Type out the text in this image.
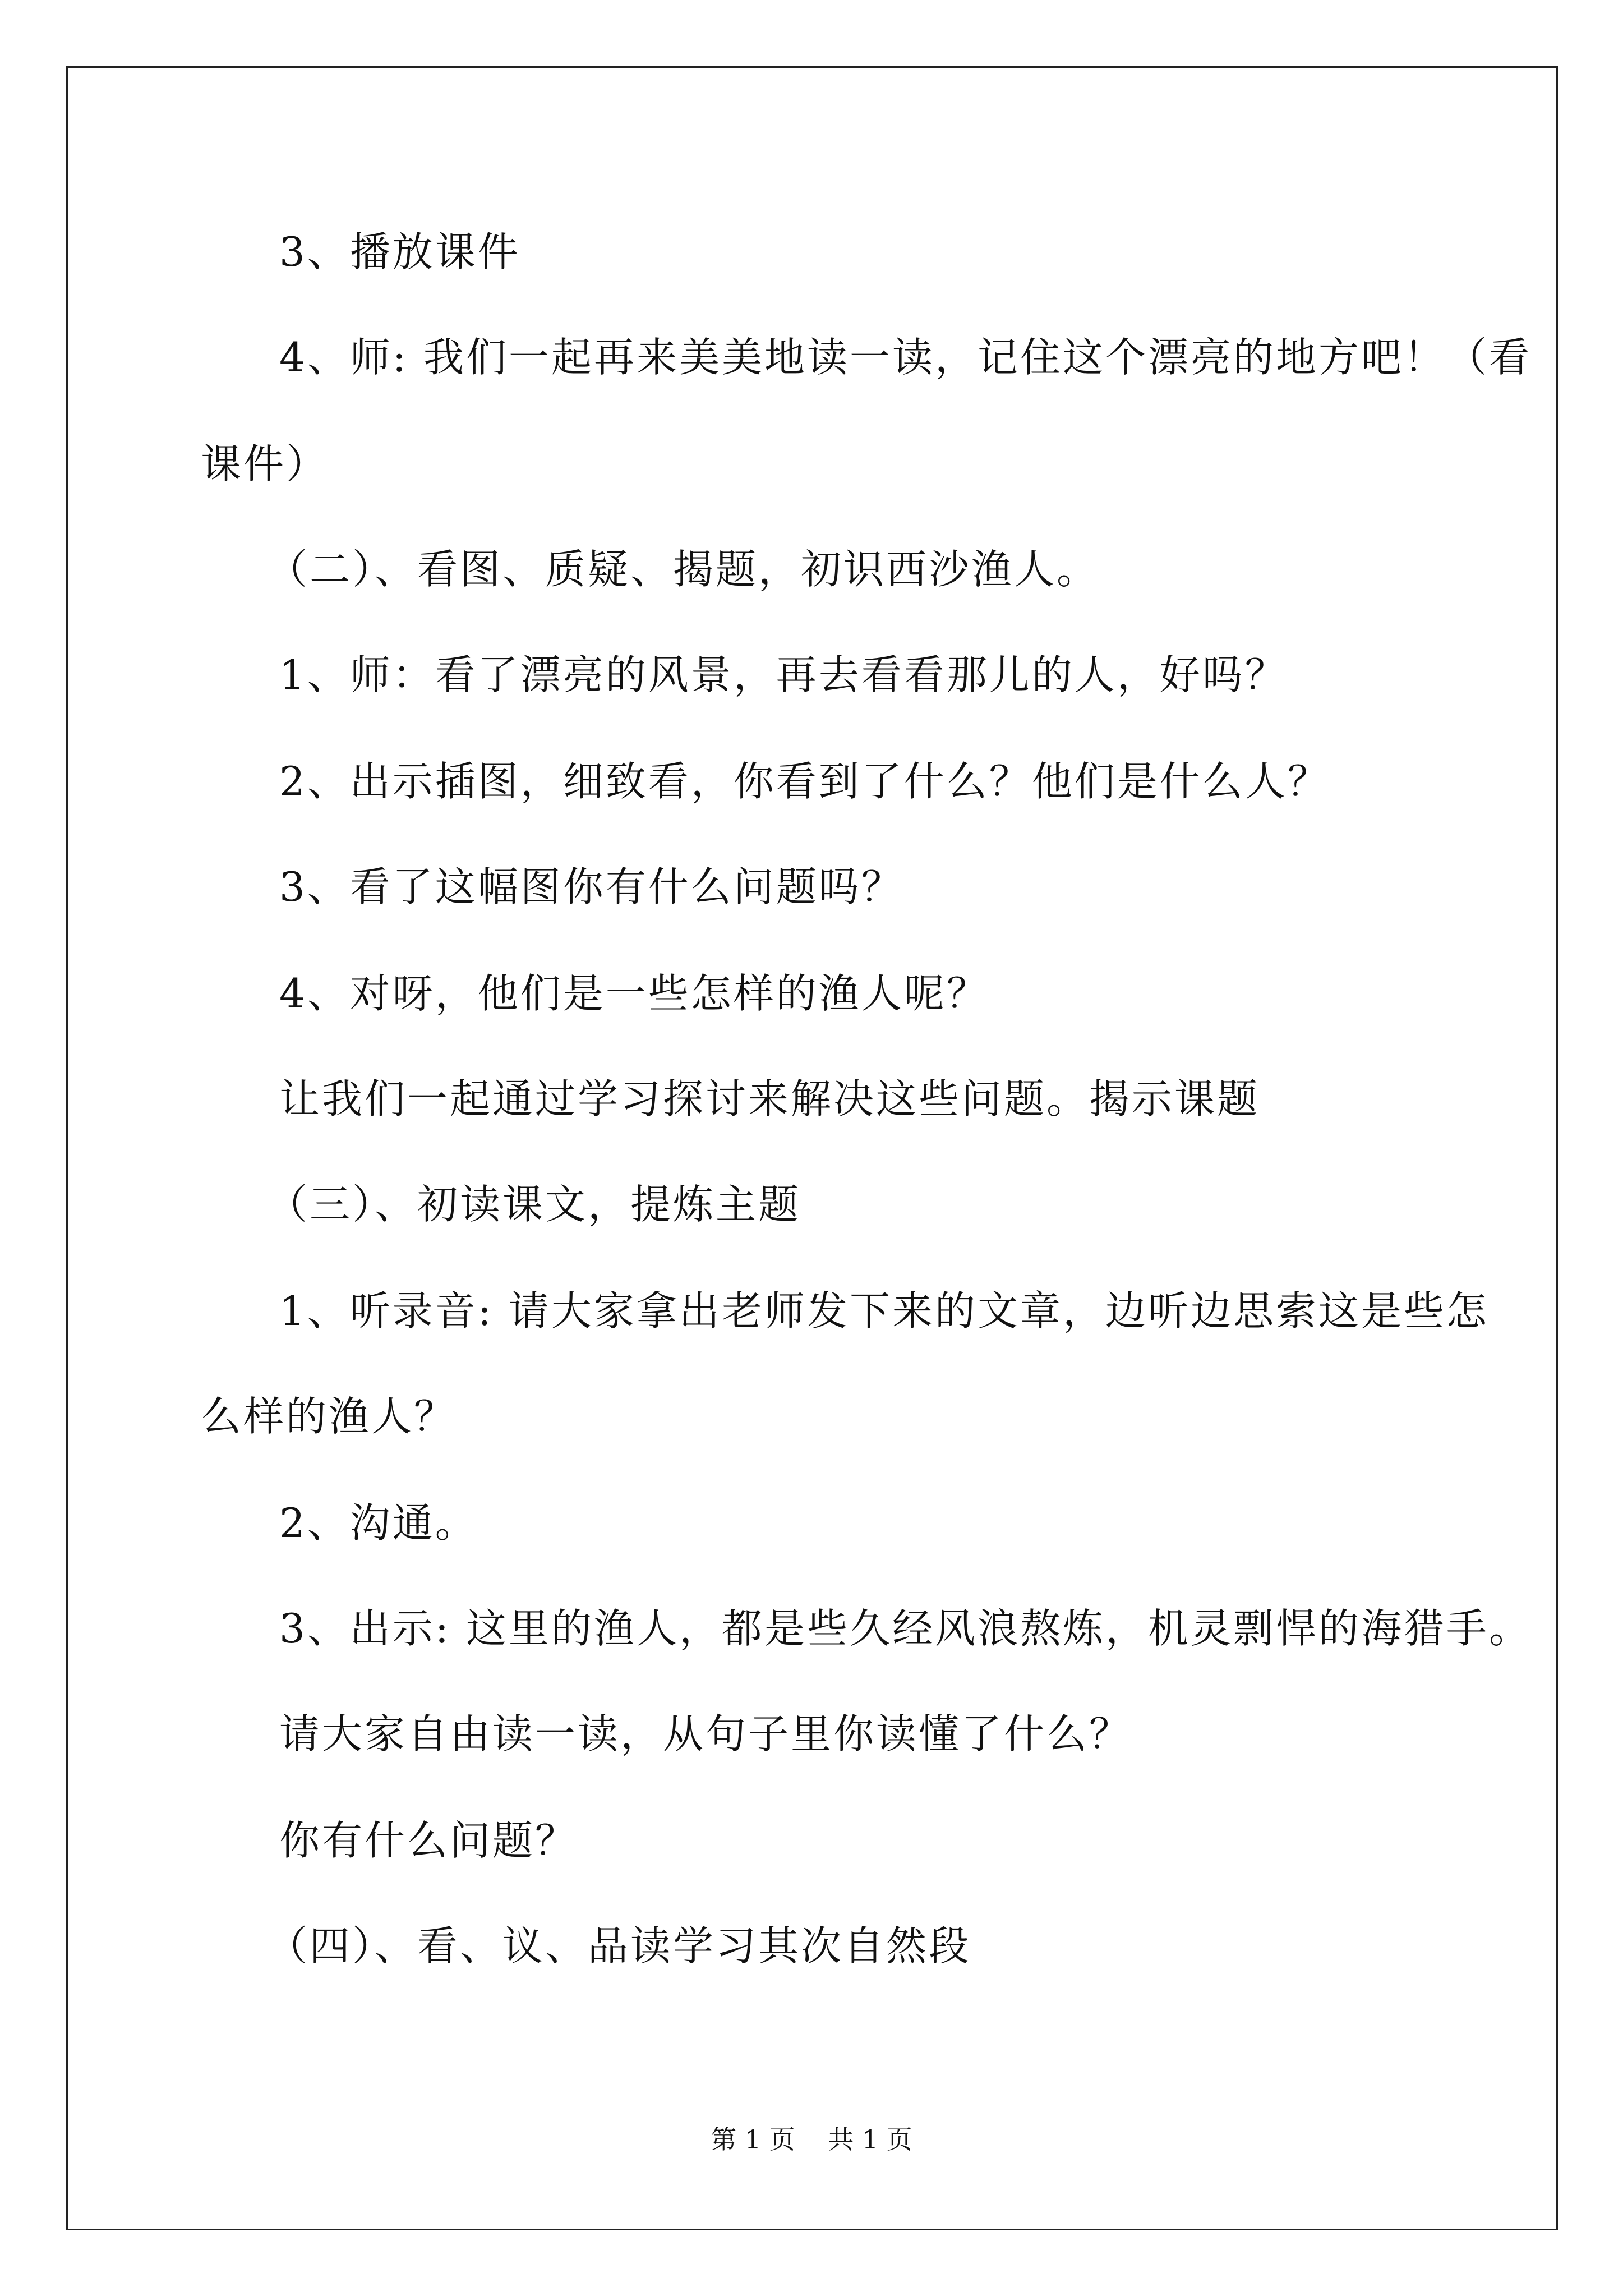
3、播放课件
4、师: 我们一起再来美美地读一读，记住这个漂亮的地方吧！（看
课件）
（二）、看图、质疑、揭题，初识西沙渔人。
1、师：看了漂亮的风景，再去看看那儿的人，好吗？
2、出示插图，细致看，你看到了什么？他们是什么人？
3、看了这幅图你有什么问题吗？
4、对呀，他们是一些怎样的渔人呢？
让我们一起通过学习探讨来解决这些问题。揭示课题
（三）、初读课文，提炼主题
1、听录音: 请大家拿出老师发下来的文章，边听边思索这是些怎
么样的渔人？
2、沟通。
3、出示: 这里的渔人，都是些久经风浪熬炼，机灵剽悍的海猎手。
请大家自由读一读，从句子里你读懂了什么？
你有什么问题？
（四）、看、议、品读学习其次自然段
第 1 页    共 1 页
